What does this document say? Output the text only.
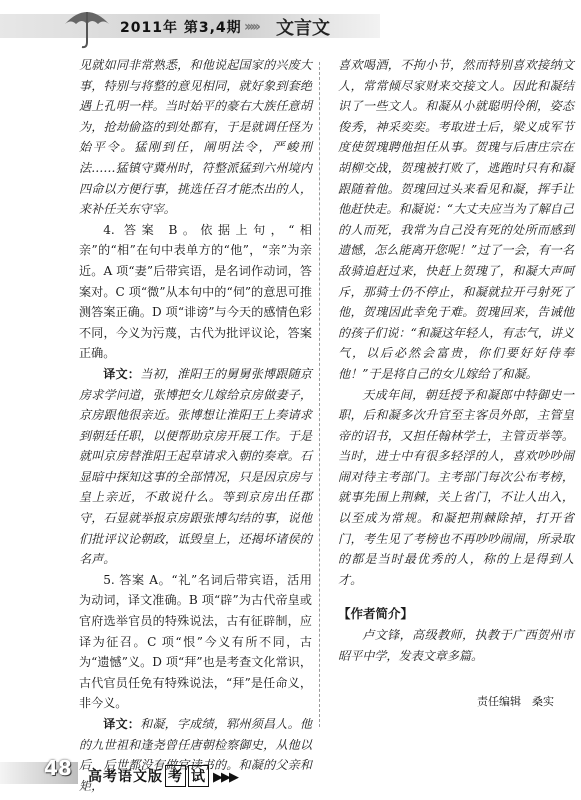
2011年 第3,4期 ››››› 文言文

见就如同非常熟悉，和他说起国家的兴废大事，特别与将整的意见相同，就好象到套绝遇上孔明一样。当时始平的豪右大族任意胡为，抢劫偷盗的到处都有，于是就调任怪为始平令。猛刚到任，阐明法令，严峻刑法……猛镇守冀州时，符整派猛到六州境内四命以方便行事，挑选任召才能杰出的人，来补任关东守宰。

4. 答案 B。依据上句，“相亲”的“相”在句中表单方的“他”，“亲”为亲近。A 项“妻”后带宾语，是名词作动词，答案对。C 项“微”从本句中的“伺”的意思可推测答案正确。D 项“诽谤”与今天的感情色彩不同，今义为污蔑，古代为批评议论，答案正确。

译文：当初，淮阳王的舅舅张博跟随京房求学问道，张博把女儿嫁给京房做妻子，京房跟他很亲近。张博想让淮阳王上奏请求到朝廷任职，以便帮助京房开展工作。于是就叫京房替淮阳王起草请求入朝的奏章。石显暗中探知这事的全部情况，只是因京房与皇上亲近，不敢说什么。等到京房出任郡守，石显就举报京房跟张博勾结的事，说他们批评议论朝政，诋毁皇上，还揭坏诸侯的名声。

5. 答案 A。“礼”名词后带宾语，活用为动词，译文准确。B 项“辟”为古代帝皇或官府选举官员的特殊说法，古有征辟制，应译为征召。C 项“恨”今义有所不同，古为“遗憾”义。D 项“拜”也是考查文化常识，古代官员任免有特殊说法，“拜”是任命义，非今义。

译文：和凝，字成绩，郓州须昌人。他的九世祖和逢尧曾任唐朝检察御史，从他以后，后世都没有做官读书的。和凝的父亲和矩，

喜欢喝酒，不拘小节，然而特别喜欢接纳文人，常常倾尽家财来交接文人。因此和凝结识了一些文人。和凝从小就聪明伶俐，姿态俊秀，神采奕奕。考取进士后，梁义成军节度使贺瑰聘他担任从事。贺瑰与后唐庄宗在胡柳交战，贺瑰被打败了，逃跑时只有和凝跟随着他。贺瑰回过头来看见和凝，挥手让他赶快走。和凝说：“大丈夫应当为了解自己的人而死，我常为自己没有死的处所而感到遗憾，怎么能离开您呢！”过了一会，有一名敌骑追赶过来，快赶上贺瑰了，和凝大声呵斥，那骑士仍不停止，和凝就拉开弓射死了他，贺瑰因此幸免于难。贺瑰回来，告诫他的孩子们说：“和凝这年轻人，有志气，讲义气，以后必然会富贵，你们要好好侍奉他！”于是将自己的女儿嫁给了和凝。

天成年间，朝廷授予和凝郎中特御史一职，后和凝多次升官至主客员外郎，主管皇帝的诏书，又担任翰林学士，主管贡举等。当时，进士中有很多轻浮的人，喜欢吵吵闹闹对待主考部门。主考部门每次公布考榜，就事先围上荆棘，关上省门，不让人出入，以至成为常规。和凝把荆棘除掉，打开省门，考生见了考榜也不再吵吵闹闹，所录取的都是当时最优秀的人，称的上是得到人才。

【作者简介】

卢文锋，高级教师，执教于广西贺州市昭平中学，发表文章多篇。

责任编辑　桑实

48 高考语文版 考 试 ▶▶▶
